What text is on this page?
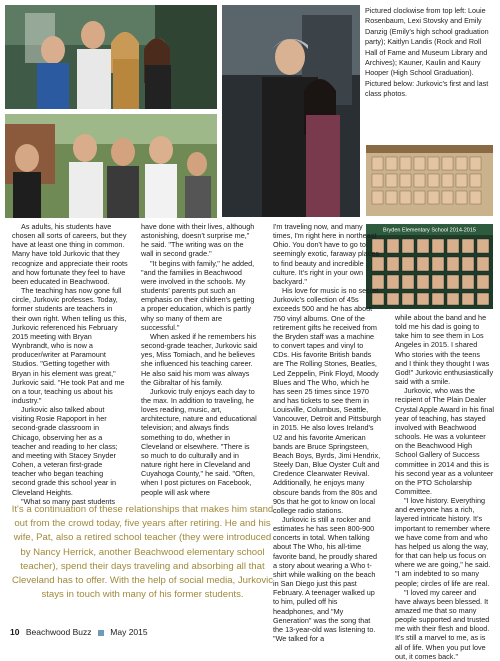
Pictured clockwise from top left: Louie Rosenbaum, Lexi Stovsky and Emily Danzig (Emily's high school graduation party); Kaitlyn Landis (Rock and Roll Hall of Fame and Museum Library and Archives); Kauner, Kaulin and Kaury Hooper (High School Graduation). Pictured below: Jurkovic's first and last class photos.
Bryden Elementary School 2014-2015

As adults, his students have chosen all sorts of careers, but they have at least one thing in common. Many have told Jurkovic that they recognize and appreciate their roots and how fortunate they feel to have been educated in Beachwood.

The teaching has now gone full circle, Jurkovic professes. Today, former students are teachers in their own right. When telling us this, Jurkovic referenced his February 2015 meeting with Bryan Wynbrandt, who is now a producer/writer at Paramount Studios. "Getting together with Bryan in his element was great," Jurkovic said. "He took Pat and me on a tour, teaching us about his industry."

Jurkovic also talked about visiting Rosie Rapoport in her second-grade classroom in Chicago, observing her as a teacher and reading to her class; and meeting with Stacey Snyder Cohen, a veteran first-grade teacher who began teaching second grade this school year in Cleveland Heights.

"What so many past students

have done with their lives, although astonishing, doesn't surprise me," he said. "The writing was on the wall in second grade."

"It begins with family," he added, "and the families in Beachwood were involved in the schools. My students' parents put such an emphasis on their children's getting a proper education, which is partly why so many of them are successful."

When asked if he remembers his second-grade teacher, Jurkovic said yes, Miss Tomiach, and he believes she influenced his teaching career. He also said his mom was always the Gibraltar of his family.

Jurkovic truly enjoys each day to the max. In addition to traveling, he loves reading, music, art, architecture, nature and educational television; and always finds something to do, whether in Cleveland or elsewhere. "There is so much to do culturally and in nature right here in Cleveland and Cuyahoga County," he said. "Often, when I post pictures on Facebook, people will ask where

I'm traveling now, and many times, I'm right here in northeast Ohio. You don't have to go to seemingly exotic, faraway places to find beauty and incredible culture. It's right in your own backyard."

His love for music is no secret. Jurkovic's collection of 45s exceeds 500 and he has about 750 vinyl albums. One of the retirement gifts he received from the Bryden staff was a machine to convert tapes and vinyl to CDs. His favorite British bands are The Rolling Stones, Beatles, Led Zeppelin, Pink Floyd, Moody Blues and The Who, which he has seen 25 times since 1970 and has tickets to see them in Louisville, Columbus, Seattle, Vancouver, Detroit and Pittsburgh in 2015. He also loves Ireland's U2 and his favorite American bands are Bruce Springsteen, Beach Boys, Byrds, Jimi Hendrix, Steely Dan, Blue Oyster Cult and Credence Clearwater Revival. Additionally, he enjoys many obscure bands from the 80s and 90s that he got to know on local college radio stations.

Jurkovic is still a rocker and estimates he has seen 800-900 concerts in total. When talking about The Who, his all-time favorite band, he proudly shared a story about wearing a Who t-shirt while walking on the beach in San Diego just this past February. A teenager walked up to him, pulled off his headphones, and "My Generation" was the song that the 13-year-old was listening to. "We talked for a

while about the band and he told me his dad is going to take him to see them in Los Angeles in 2015. I shared Who stories with the teens and I think they thought I was God!" Jurkovic enthusiastically said with a smile.

Jurkovic, who was the recipient of The Plain Dealer Crystal Apple Award in his final year of teaching, has stayed involved with Beachwood schools. He was a volunteer on the Beachwood High School Gallery of Success committee in 2014 and this is his second year as a volunteer on the PTO Scholarship Committee.

"I love history. Everything and everyone has a rich, layered intricate history. It's important to remember where we have come from and who has helped us along the way, for that can help us focus on where we are going," he said. "I am indebted to so many people; circles of life are real.

"I loved my career and have always been blessed. It amazed me that so many people supported and trusted me with their flesh and blood. It's still a marvel to me, as is all of life. When you put love out, it comes back."

It's a continuation of these relationships that makes him stand out from the crowd today, five years after retiring. He and his wife, Pat, also a retired school teacher (they were introduced by Nancy Herrick, another Beachwood elementary school teacher), spend their days traveling and absorbing all that Cleveland has to offer. With the help of social media, Jurkovic stays in touch with many of his former students.
10 Beachwood Buzz May 2015
